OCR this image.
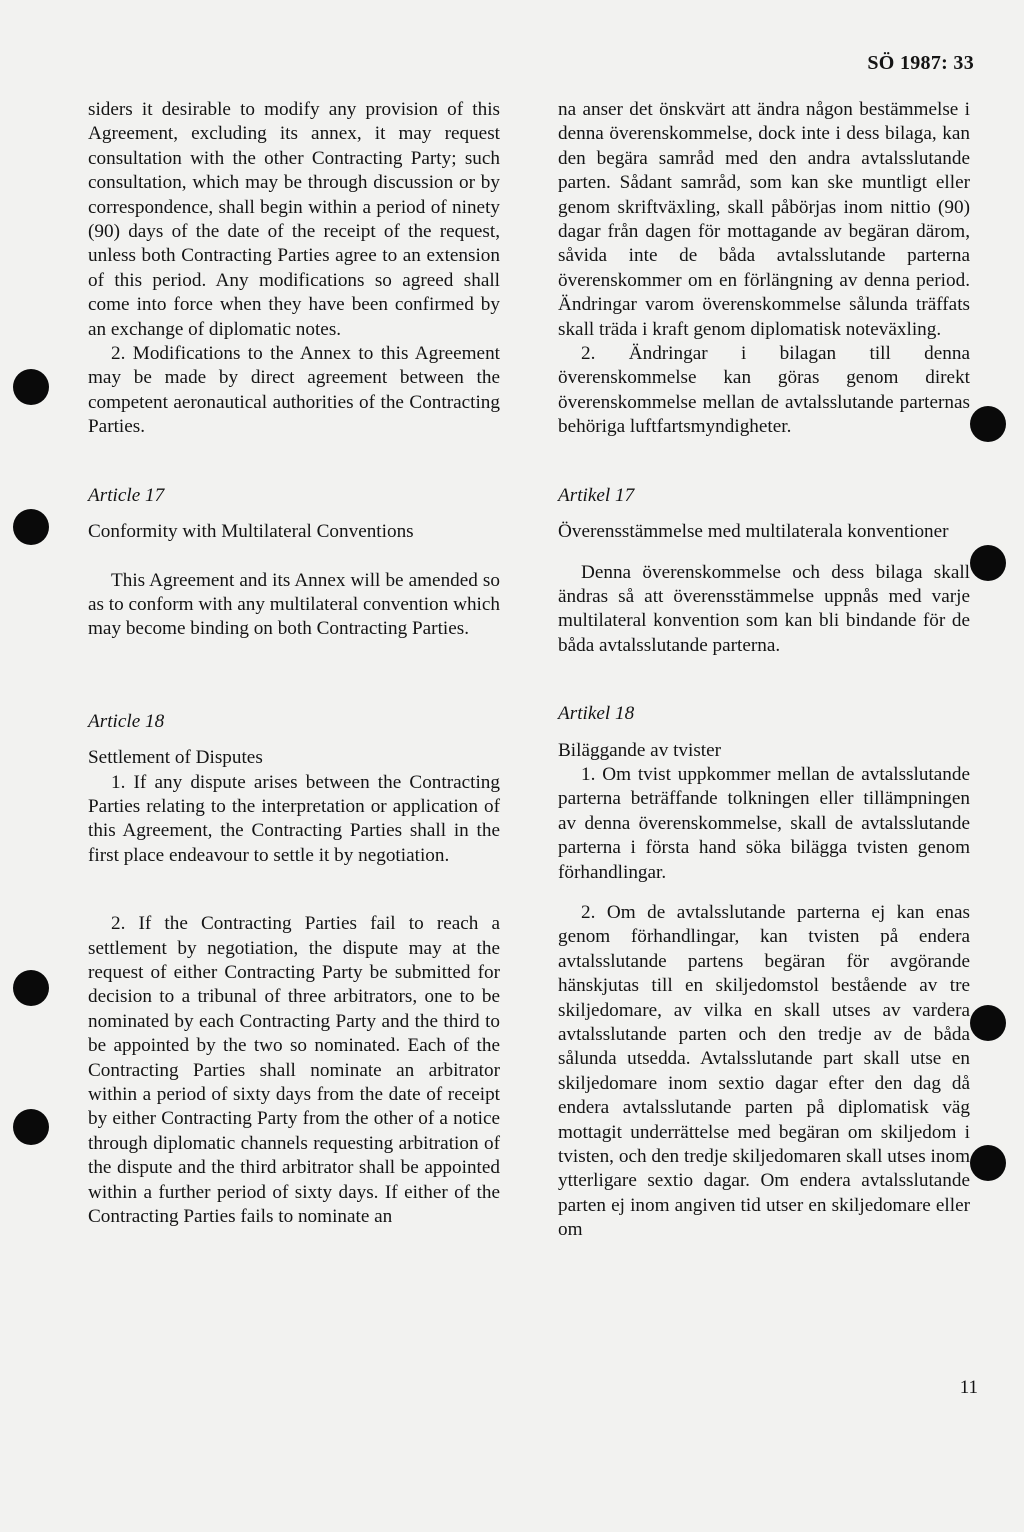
SÖ 1987: 33

siders it desirable to modify any provision of this Agreement, excluding its annex, it may request consultation with the other Contracting Party; such consultation, which may be through discussion or by correspondence, shall begin within a period of ninety (90) days of the date of the receipt of the request, unless both Contracting Parties agree to an extension of this period. Any modifications so agreed shall come into force when they have been confirmed by an exchange of diplomatic notes.

2. Modifications to the Annex to this Agreement may be made by direct agreement between the competent aeronautical authorities of the Contracting Parties.

Article 17

Conformity with Multilateral Conventions

This Agreement and its Annex will be amended so as to conform with any multilateral convention which may become binding on both Contracting Parties.

Article 18

Settlement of Disputes

1. If any dispute arises between the Contracting Parties relating to the interpretation or application of this Agreement, the Contracting Parties shall in the first place endeavour to settle it by negotiation.

2. If the Contracting Parties fail to reach a settlement by negotiation, the dispute may at the request of either Contracting Party be submitted for decision to a tribunal of three arbitrators, one to be nominated by each Contracting Party and the third to be appointed by the two so nominated. Each of the Contracting Parties shall nominate an arbitrator within a period of sixty days from the date of receipt by either Contracting Party from the other of a notice through diplomatic channels requesting arbitration of the dispute and the third arbitrator shall be appointed within a further period of sixty days. If either of the Contracting Parties fails to nominate an

na anser det önskvärt att ändra någon bestämmelse i denna överenskommelse, dock inte i dess bilaga, kan den begära samråd med den andra avtalsslutande parten. Sådant samråd, som kan ske muntligt eller genom skriftväxling, skall påbörjas inom nittio (90) dagar från dagen för mottagande av begäran därom, såvida inte de båda avtalsslutande parterna överenskommer om en förlängning av denna period. Ändringar varom överenskommelse sålunda träffats skall träda i kraft genom diplomatisk noteväxling.

2. Ändringar i bilagan till denna överenskommelse kan göras genom direkt överenskommelse mellan de avtalsslutande parternas behöriga luftfartsmyndigheter.

Artikel 17

Överensstämmelse med multilaterala konventioner

Denna överenskommelse och dess bilaga skall ändras så att överensstämmelse uppnås med varje multilateral konvention som kan bli bindande för de båda avtalsslutande parterna.

Artikel 18

Biläggande av tvister

1. Om tvist uppkommer mellan de avtalsslutande parterna beträffande tolkningen eller tillämpningen av denna överenskommelse, skall de avtalsslutande parterna i första hand söka bilägga tvisten genom förhandlingar.

2. Om de avtalsslutande parterna ej kan enas genom förhandlingar, kan tvisten på endera avtalsslutande partens begäran för avgörande hänskjutas till en skiljedomstol bestående av tre skiljedomare, av vilka en skall utses av vardera avtalsslutande parten och den tredje av de båda sålunda utsedda. Avtalsslutande part skall utse en skiljedomare inom sextio dagar efter den dag då endera avtalsslutande parten på diplomatisk väg mottagit underrättelse med begäran om skiljedom i tvisten, och den tredje skiljedomaren skall utses inom ytterligare sextio dagar. Om endera avtalsslutande parten ej inom angiven tid utser en skiljedomare eller om

11
